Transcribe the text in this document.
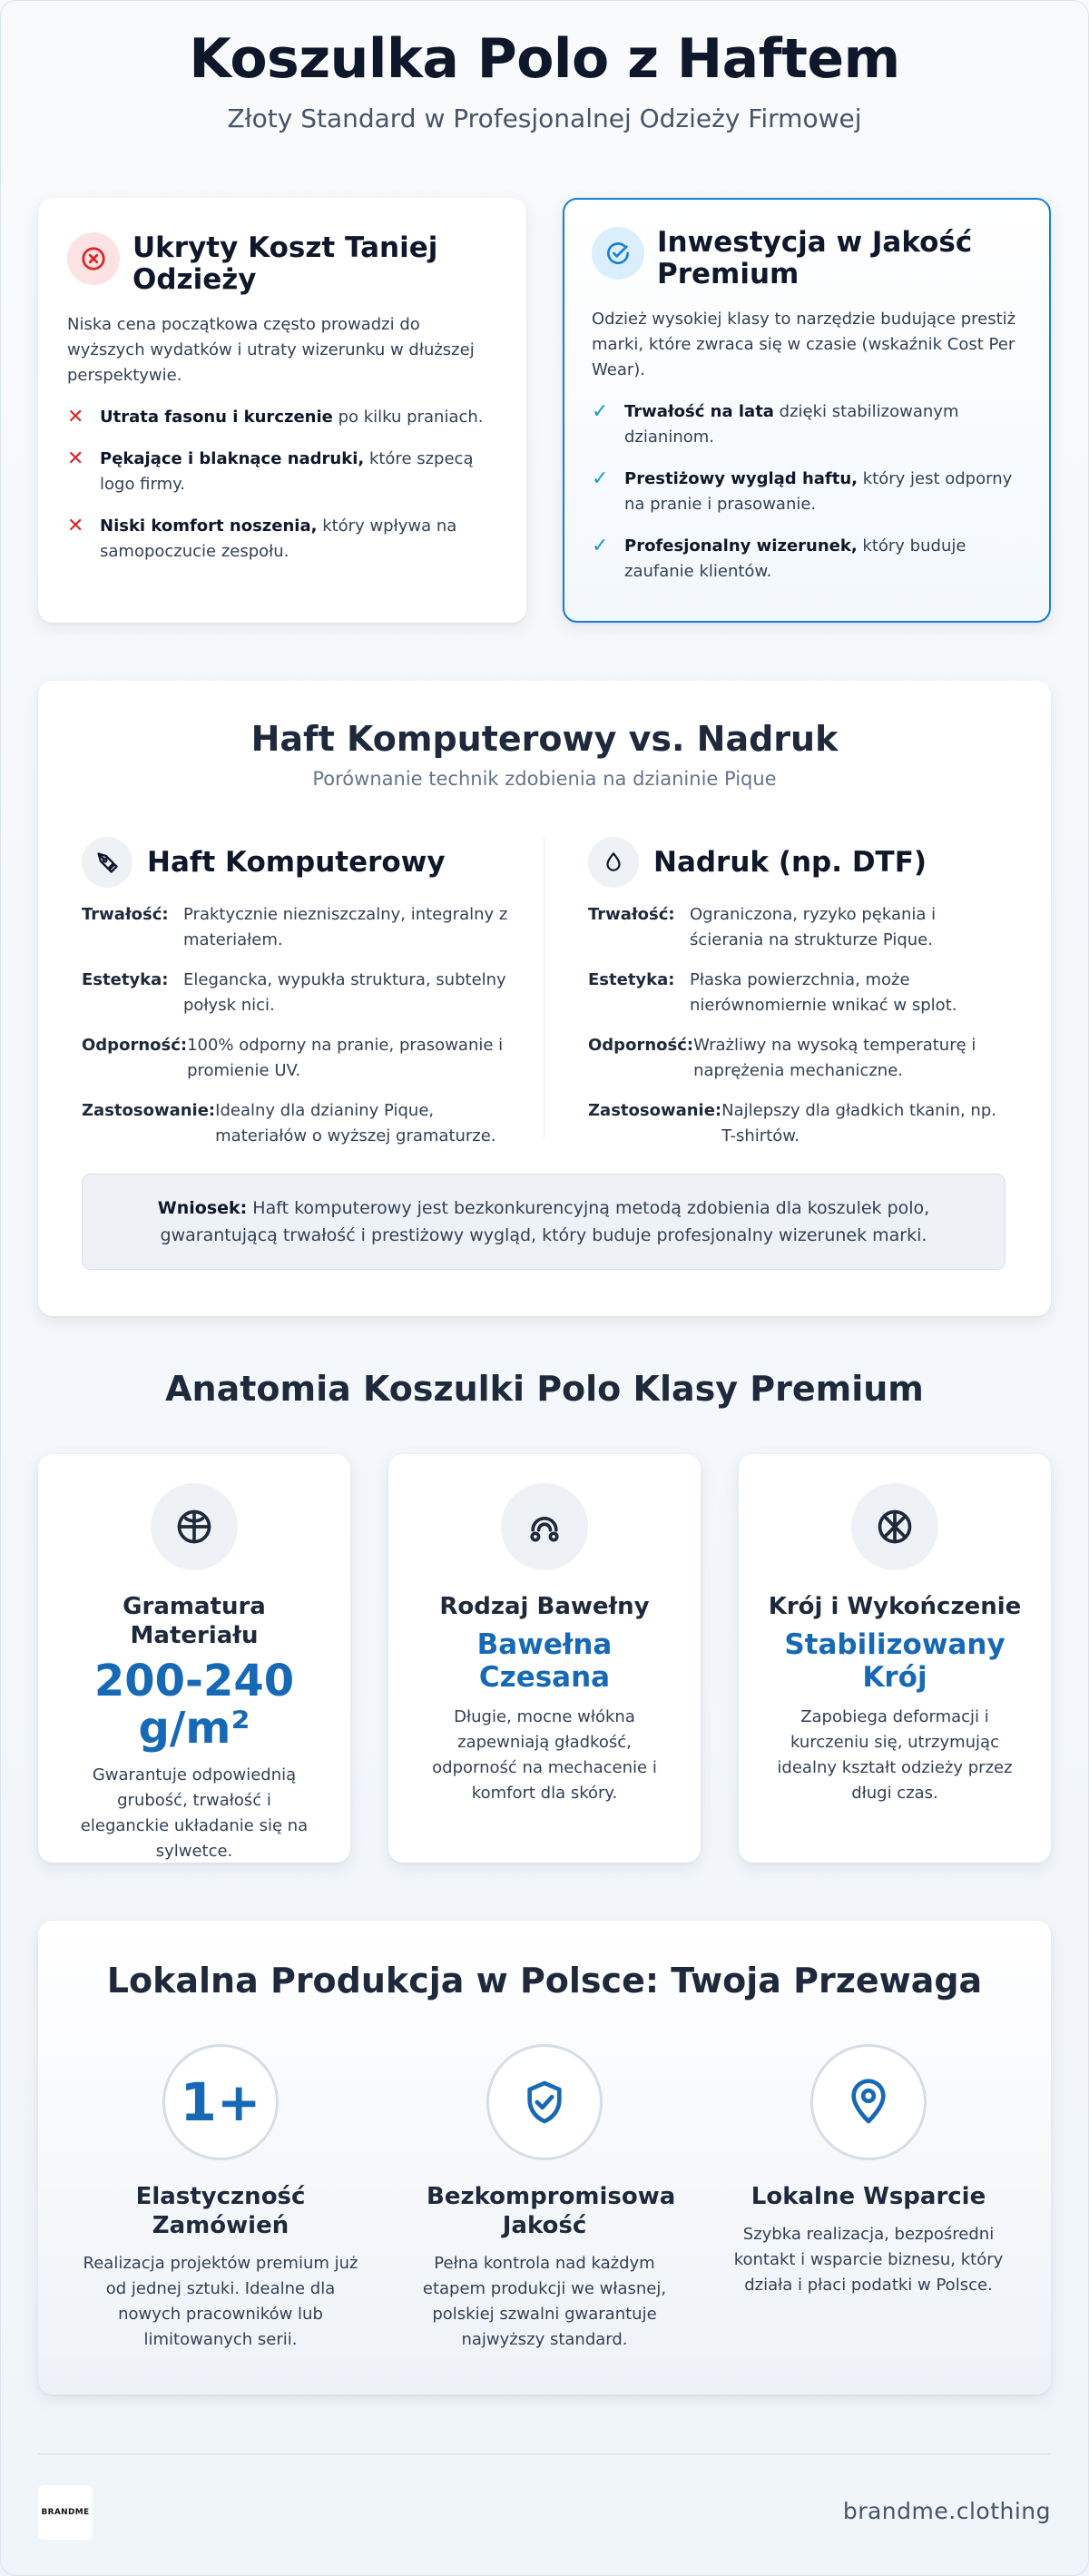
Koszulka Polo z Haftem
Złoty Standard w Profesjonalnej Odzieży Firmowej
Ukryty Koszt Taniej Odzieży
Niska cena początkowa często prowadzi do wyższych wydatków i utraty wizerunku w dłuższej perspektywie.
✕ Utrata fasonu i kurczenie po kilku praniach.
✕ Pękające i blaknące nadruki, które szpecą logo firmy.
✕ Niski komfort noszenia, który wpływa na samopoczucie zespołu.
Inwestycja w Jakość Premium
Odzież wysokiej klasy to narzędzie budujące prestiż marki, które zwraca się w czasie (wskaźnik Cost Per Wear).
✓ Trwałość na lata dzięki stabilizowanym dzianinom.
✓ Prestiżowy wygląd haftu, który jest odporny na pranie i prasowanie.
✓ Profesjonalny wizerunek, który buduje zaufanie klientów.
Haft Komputerowy vs. Nadruk
Porównanie technik zdobienia na dzianinie Pique
Haft Komputerowy
Trwałość: Praktycznie niezniszczalny, integralny z materiałem.
Estetyka: Elegancka, wypukła struktura, subtelny połysk nici.
Odporność: 100% odporny na pranie, prasowanie i promienie UV.
Zastosowanie: Idealny dla dzianiny Pique, materiałów o wyższej gramaturze.
Nadruk (np. DTF)
Trwałość: Ograniczona, ryzyko pękania i ścierania na strukturze Pique.
Estetyka: Płaska powierzchnia, może nierównomiernie wnikać w splot.
Odporność: Wrażliwy na wysoką temperaturę i naprężenia mechaniczne.
Zastosowanie: Najlepszy dla gładkich tkanin, np. T-shirtów.
Wniosek: Haft komputerowy jest bezkonkurencyjną metodą zdobienia dla koszulek polo, gwarantującą trwałość i prestiżowy wygląd, który buduje profesjonalny wizerunek marki.
Anatomia Koszulki Polo Klasy Premium
Gramatura Materiału
200-240 g/m²
Gwarantuje odpowiednią grubość, trwałość i eleganckie układanie się na sylwetce.
Rodzaj Bawełny
Bawełna Czesana
Długie, mocne włókna zapewniają gładkość, odporność na mechacenie i komfort dla skóry.
Krój i Wykończenie
Stabilizowany Krój
Zapobiega deformacji i kurczeniu się, utrzymując idealny kształt odzieży przez długi czas.
Lokalna Produkcja w Polsce: Twoja Przewaga
1+
Elastyczność Zamówień
Realizacja projektów premium już od jednej sztuki. Idealne dla nowych pracowników lub limitowanych serii.
Bezkompromisowa Jakość
Pełna kontrola nad każdym etapem produkcji we własnej, polskiej szwalni gwarantuje najwyższy standard.
Lokalne Wsparcie
Szybka realizacja, bezpośredni kontakt i wsparcie biznesu, który działa i płaci podatki w Polsce.
BRANDME	brandme.clothing
